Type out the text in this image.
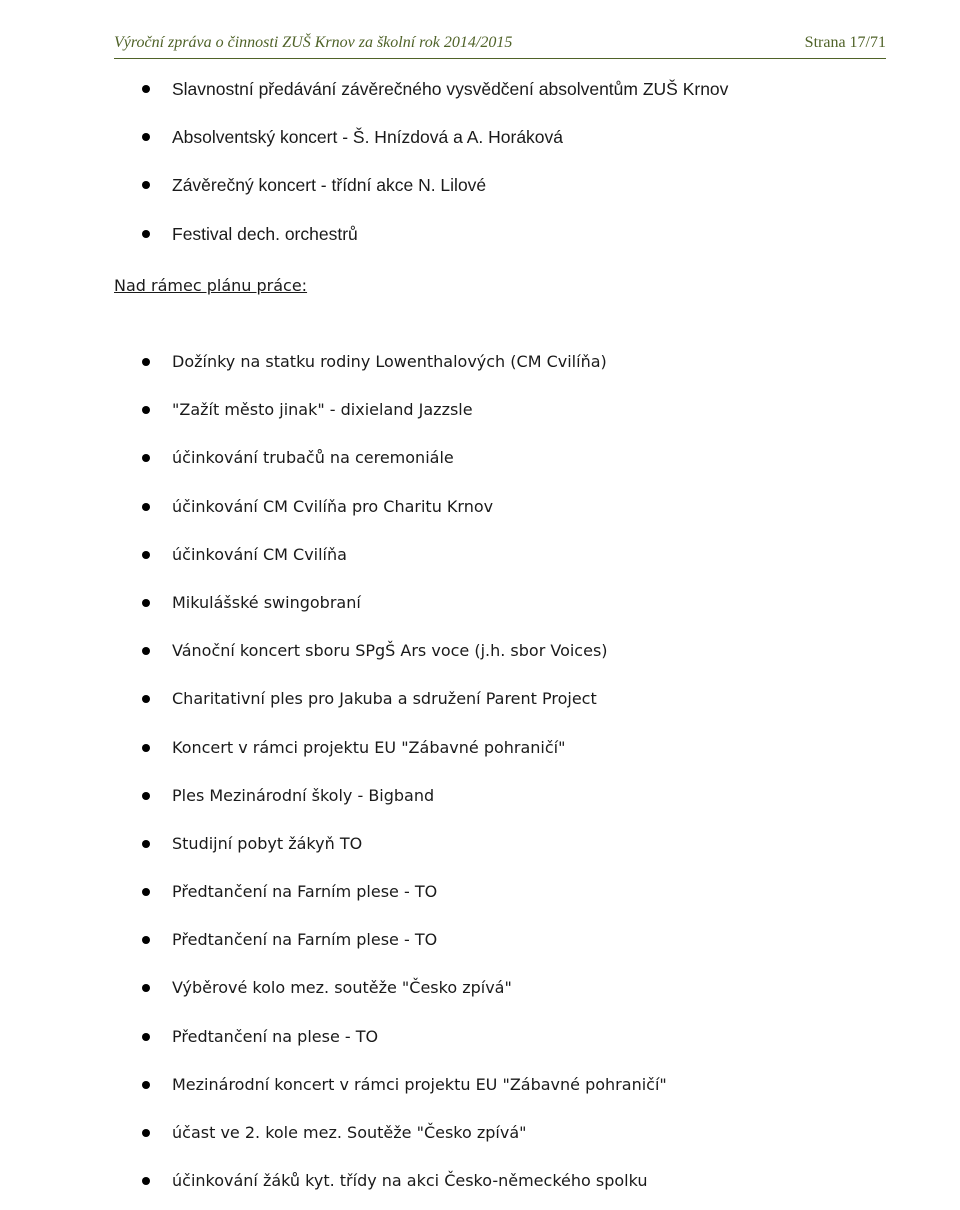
Výroční zpráva o činnosti ZUŠ Krnov za školní rok 2014/2015	Strana 17/71
Slavnostní předávání závěrečného vysvědčení absolventům ZUŠ Krnov
Absolventský koncert - Š. Hnízdová a A. Horáková
Závěrečný koncert - třídní akce N. Lilové
Festival dech. orchestrů
Nad rámec plánu práce:
Dožínky na statku rodiny Lowenthalových (CM Cvilíňa)
"Zažít město jinak" - dixieland Jazzsle
účinkování trubačů na ceremoniále
účinkování CM Cvilíňa pro Charitu Krnov
účinkování CM Cvilíňa
Mikulášské swingobraní
Vánoční koncert sboru SPgŠ Ars voce (j.h. sbor Voices)
Charitativní ples pro Jakuba a sdružení Parent Project
Koncert v rámci projektu EU "Zábavné pohraničí"
Ples Mezinárodní školy - Bigband
Studijní pobyt žákyň TO
Předtančení na Farním plese - TO
Předtančení na Farním plese - TO
Výběrové kolo mez. soutěže "Česko zpívá"
Předtančení na plese - TO
Mezinárodní koncert v rámci projektu EU "Zábavné pohraničí"
účast ve 2. kole mez. Soutěže "Česko zpívá"
účinkování žáků kyt. třídy na akci Česko-německého spolku
